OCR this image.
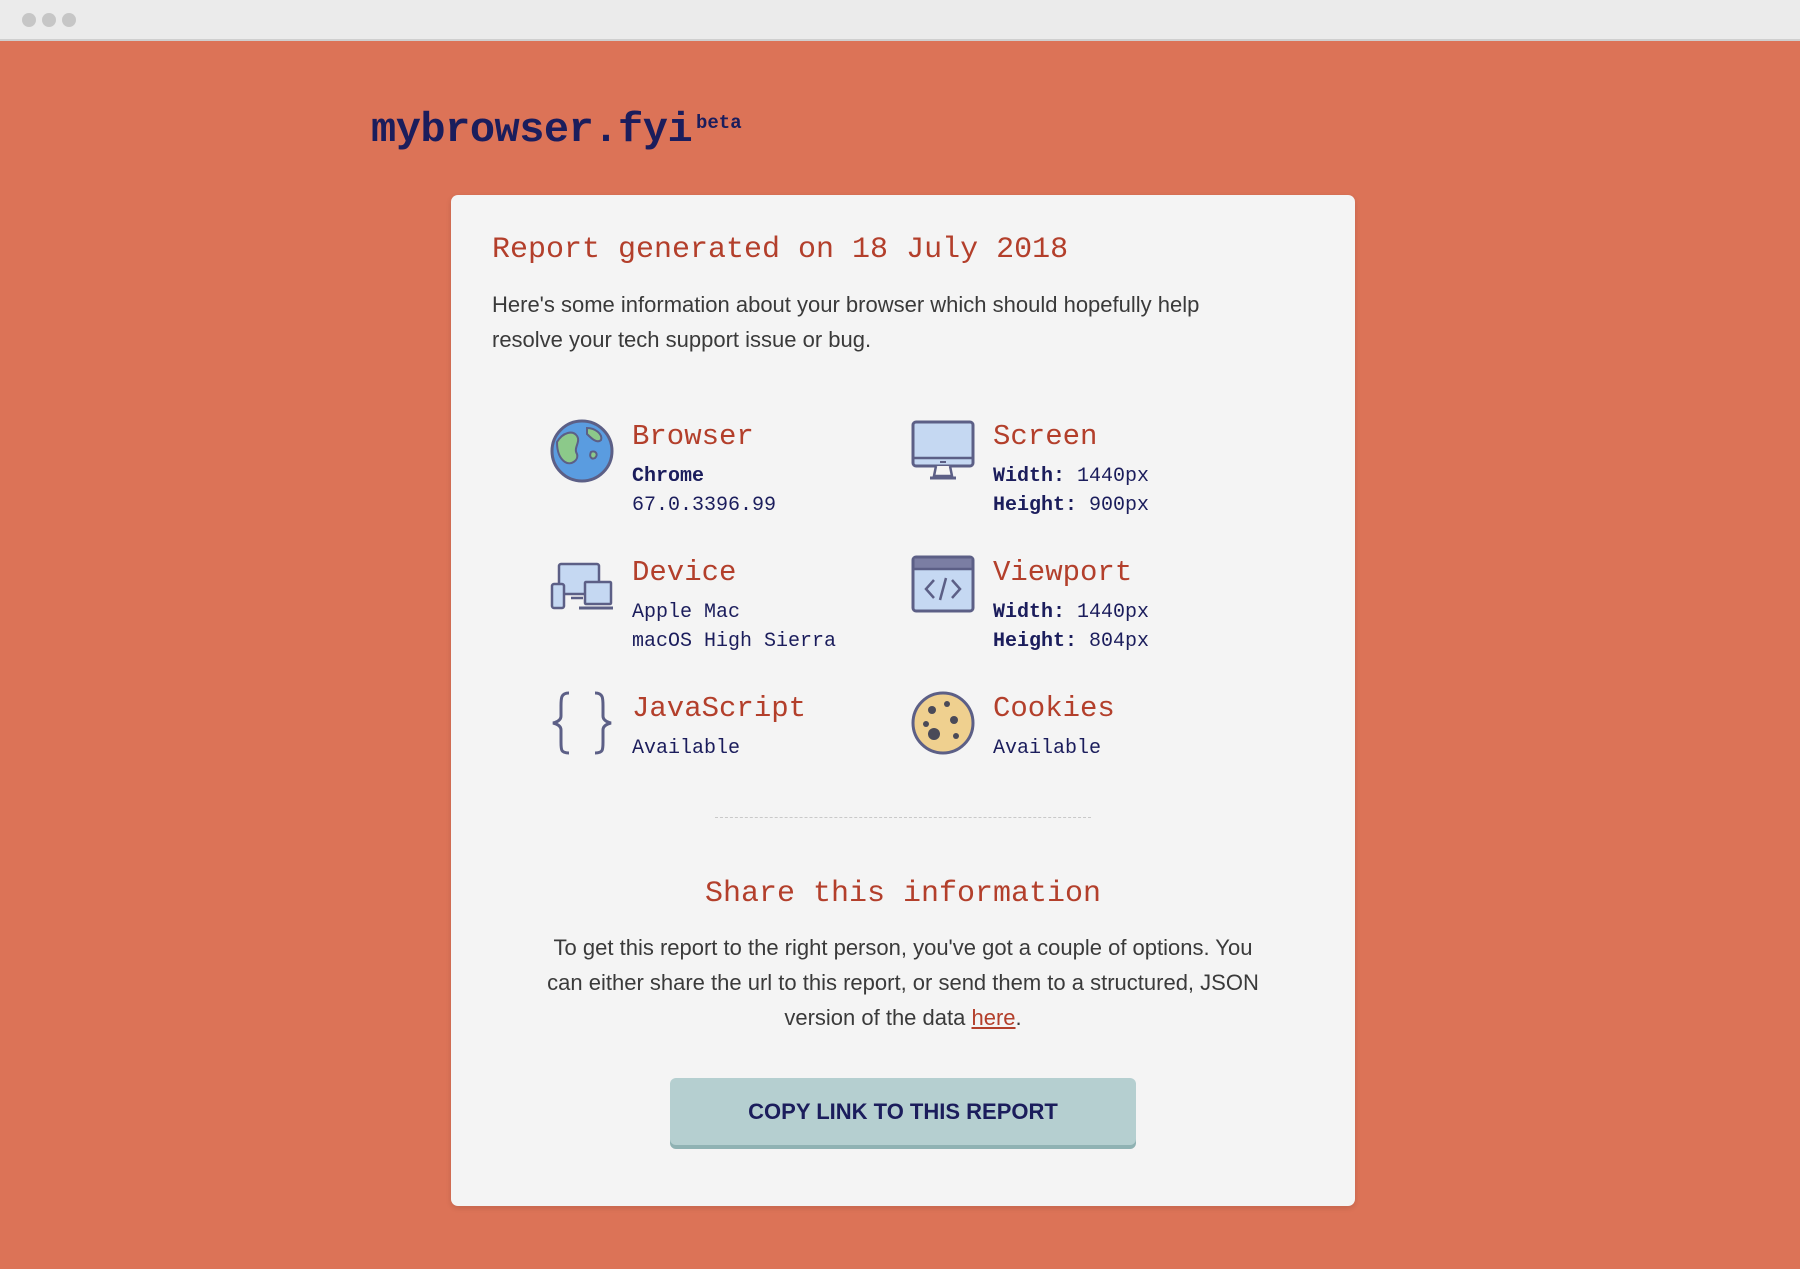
mybrowser.fyi beta
Report generated on 18 July 2018

Here's some information about your browser which should hopefully help resolve your tech support issue or bug.

Browser
Chrome
67.0.3396.99
Screen
Width: 1440px
Height: 900px
Device
Apple Mac
macOS High Sierra
Viewport
Width: 1440px
Height: 804px
JavaScript
Available
Cookies
Available
Share this information

To get this report to the right person, you've got a couple of options. You can either share the url to this report, or send them to a structured, JSON version of the data here.

COPY LINK TO THIS REPORT
